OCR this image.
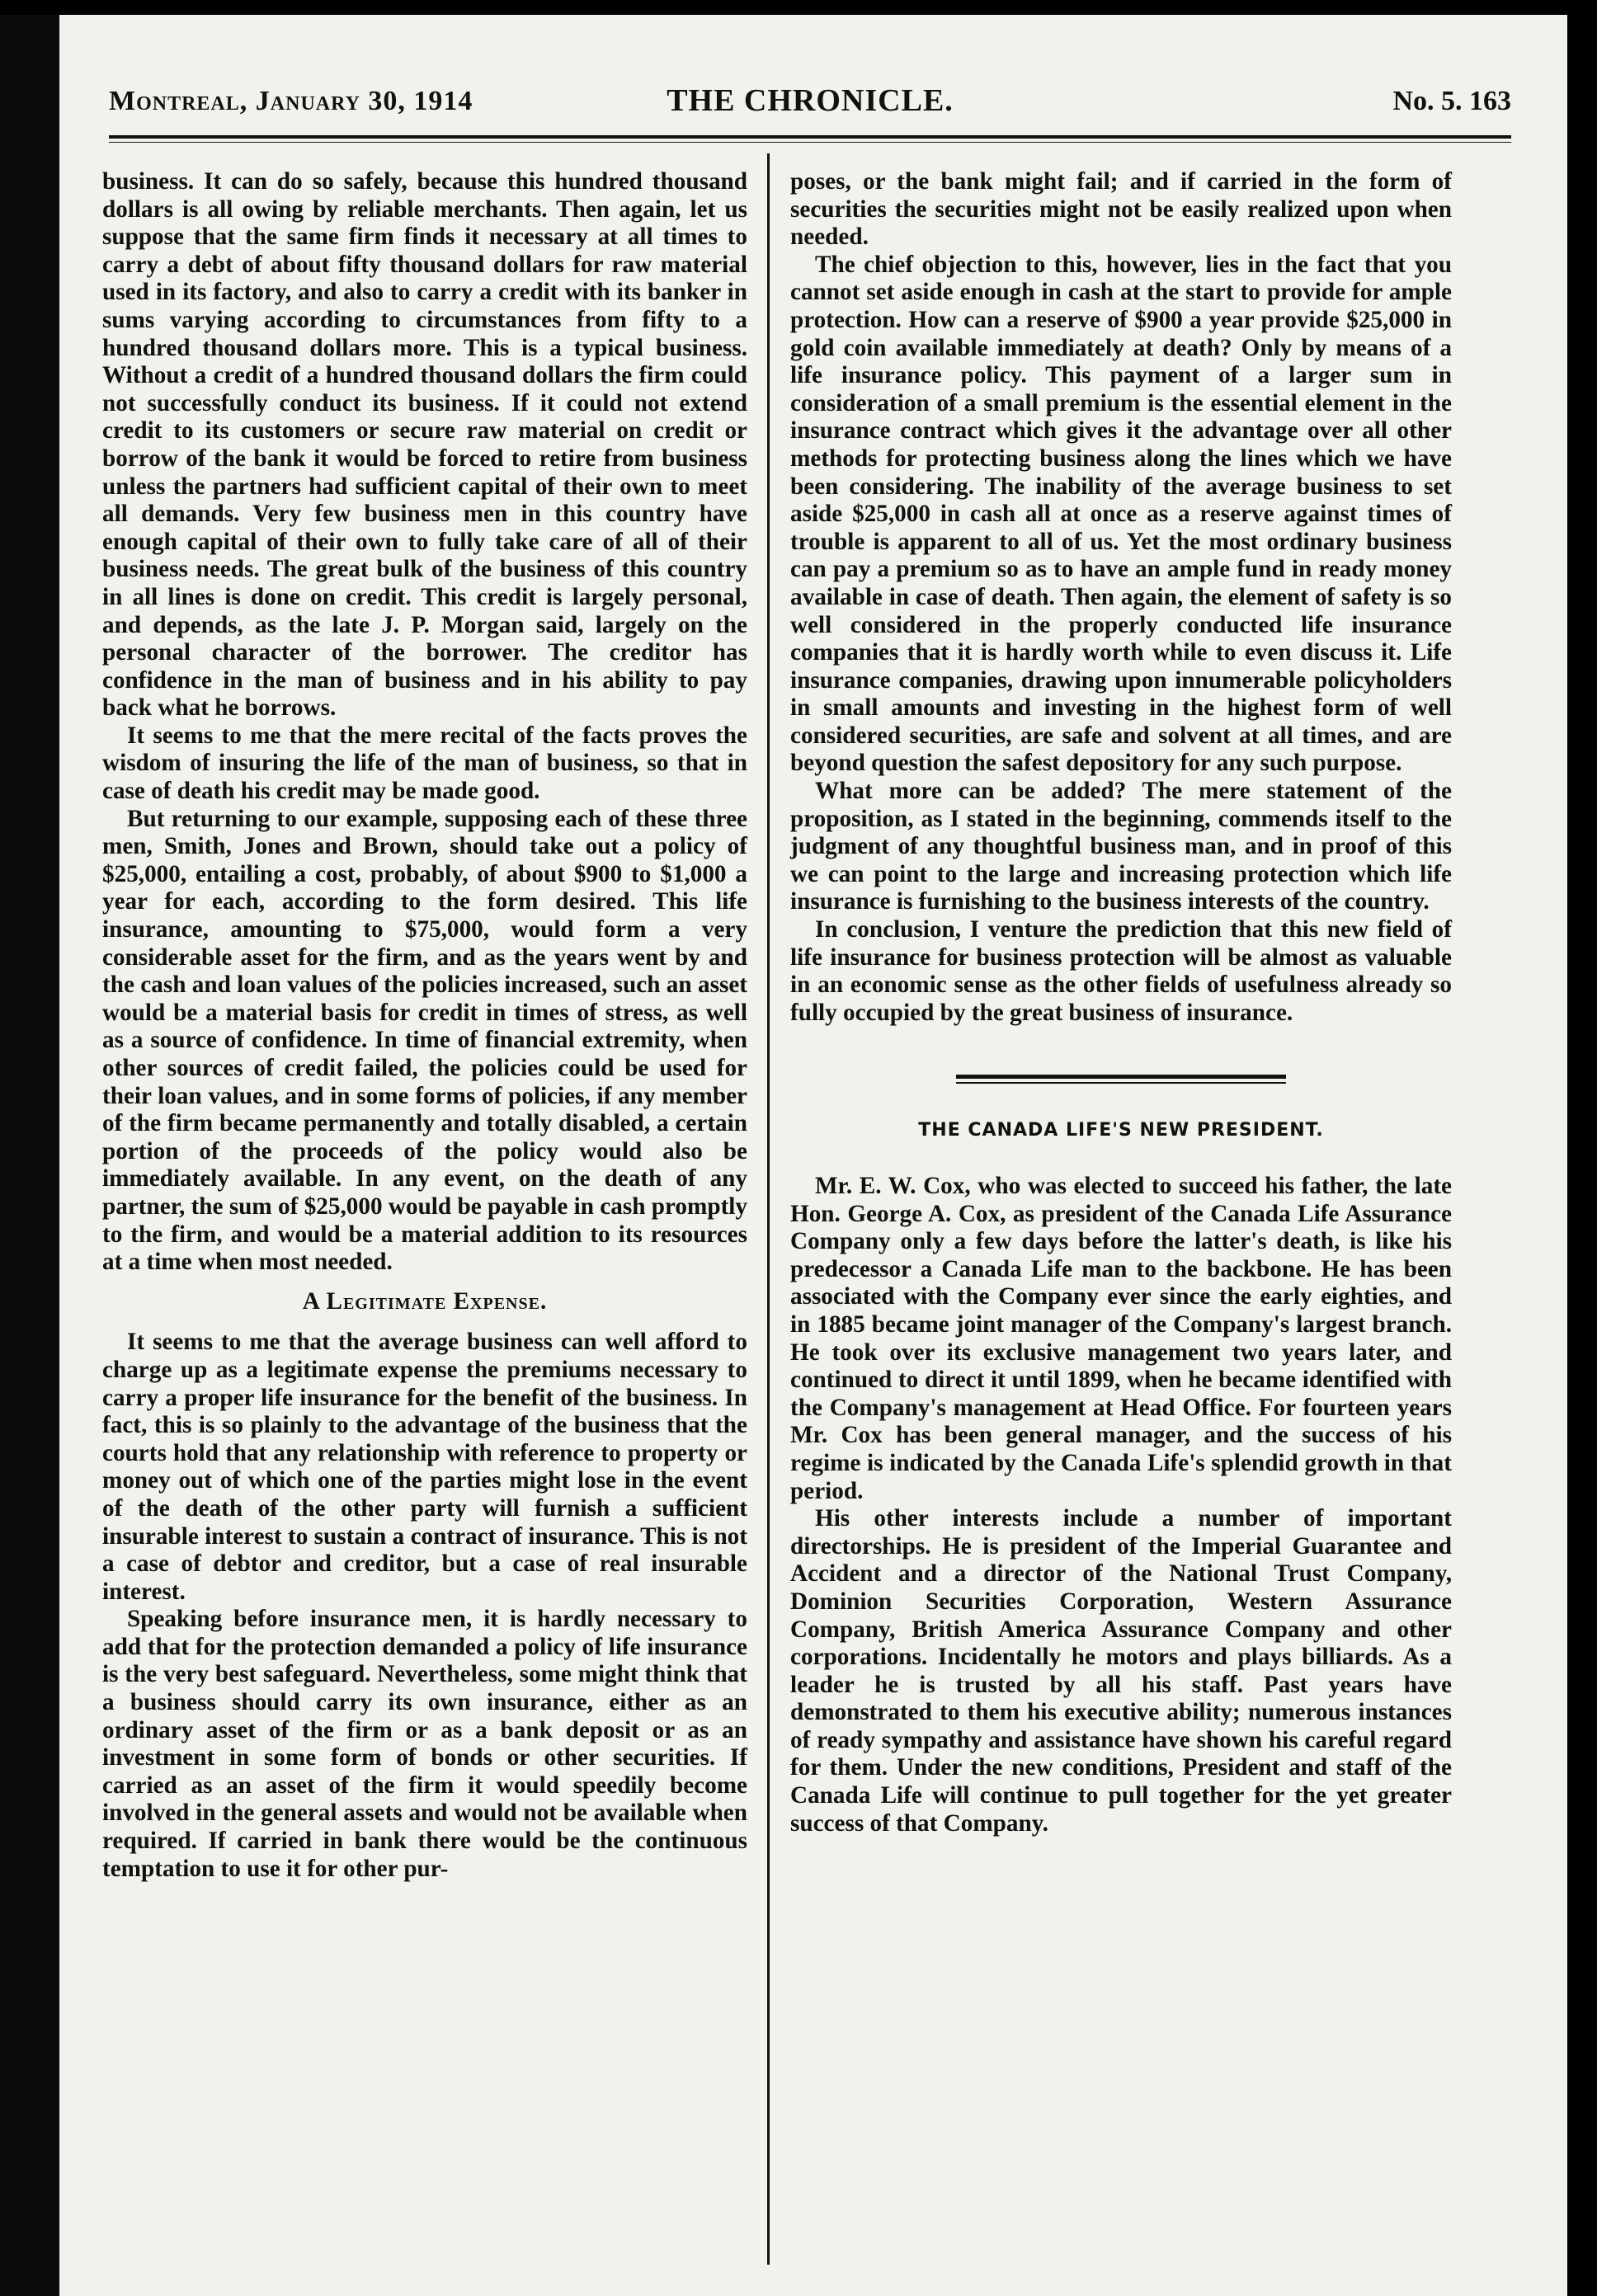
Montreal, January 30, 1914	THE CHRONICLE.	No. 5. 163

business. It can do so safely, because this hundred thousand dollars is all owing by reliable merchants. Then again, let us suppose that the same firm finds it necessary at all times to carry a debt of about fifty thousand dollars for raw material used in its factory, and also to carry a credit with its banker in sums varying according to circumstances from fifty to a hundred thousand dollars more. This is a typical business. Without a credit of a hundred thousand dollars the firm could not successfully conduct its business. If it could not extend credit to its customers or secure raw material on credit or borrow of the bank it would be forced to retire from business unless the partners had sufficient capital of their own to meet all demands. Very few business men in this country have enough capital of their own to fully take care of all of their business needs. The great bulk of the business of this country in all lines is done on credit. This credit is largely personal, and depends, as the late J. P. Morgan said, largely on the personal character of the borrower. The creditor has confidence in the man of business and in his ability to pay back what he borrows.

It seems to me that the mere recital of the facts proves the wisdom of insuring the life of the man of business, so that in case of death his credit may be made good.

But returning to our example, supposing each of these three men, Smith, Jones and Brown, should take out a policy of $25,000, entailing a cost, probably, of about $900 to $1,000 a year for each, according to the form desired. This life insurance, amounting to $75,000, would form a very considerable asset for the firm, and as the years went by and the cash and loan values of the policies increased, such an asset would be a material basis for credit in times of stress, as well as a source of confidence. In time of financial extremity, when other sources of credit failed, the policies could be used for their loan values, and in some forms of policies, if any member of the firm became permanently and totally disabled, a certain portion of the proceeds of the policy would also be immediately available. In any event, on the death of any partner, the sum of $25,000 would be payable in cash promptly to the firm, and would be a material addition to its resources at a time when most needed.

A Legitimate Expense.

It seems to me that the average business can well afford to charge up as a legitimate expense the premiums necessary to carry a proper life insurance for the benefit of the business. In fact, this is so plainly to the advantage of the business that the courts hold that any relationship with reference to property or money out of which one of the parties might lose in the event of the death of the other party will furnish a sufficient insurable interest to sustain a contract of insurance. This is not a case of debtor and creditor, but a case of real insurable interest.

Speaking before insurance men, it is hardly necessary to add that for the protection demanded a policy of life insurance is the very best safeguard. Nevertheless, some might think that a business should carry its own insurance, either as an ordinary asset of the firm or as a bank deposit or as an investment in some form of bonds or other securities. If carried as an asset of the firm it would speedily become involved in the general assets and would not be available when required. If carried in bank there would be the continuous temptation to use it for other pur-

poses, or the bank might fail; and if carried in the form of securities the securities might not be easily realized upon when needed.

The chief objection to this, however, lies in the fact that you cannot set aside enough in cash at the start to provide for ample protection. How can a reserve of $900 a year provide $25,000 in gold coin available immediately at death? Only by means of a life insurance policy. This payment of a larger sum in consideration of a small premium is the essential element in the insurance contract which gives it the advantage over all other methods for protecting business along the lines which we have been considering. The inability of the average business to set aside $25,000 in cash all at once as a reserve against times of trouble is apparent to all of us. Yet the most ordinary business can pay a premium so as to have an ample fund in ready money available in case of death. Then again, the element of safety is so well considered in the properly conducted life insurance companies that it is hardly worth while to even discuss it. Life insurance companies, drawing upon innumerable policyholders in small amounts and investing in the highest form of well considered securities, are safe and solvent at all times, and are beyond question the safest depository for any such purpose.

What more can be added? The mere statement of the proposition, as I stated in the beginning, commends itself to the judgment of any thoughtful business man, and in proof of this we can point to the large and increasing protection which life insurance is furnishing to the business interests of the country.

In conclusion, I venture the prediction that this new field of life insurance for business protection will be almost as valuable in an economic sense as the other fields of usefulness already so fully occupied by the great business of insurance.

THE CANADA LIFE'S NEW PRESIDENT.

Mr. E. W. Cox, who was elected to succeed his father, the late Hon. George A. Cox, as president of the Canada Life Assurance Company only a few days before the latter's death, is like his predecessor a Canada Life man to the backbone. He has been associated with the Company ever since the early eighties, and in 1885 became joint manager of the Company's largest branch. He took over its exclusive management two years later, and continued to direct it until 1899, when he became identified with the Company's management at Head Office. For fourteen years Mr. Cox has been general manager, and the success of his regime is indicated by the Canada Life's splendid growth in that period.

His other interests include a number of important directorships. He is president of the Imperial Guarantee and Accident and a director of the National Trust Company, Dominion Securities Corporation, Western Assurance Company, British America Assurance Company and other corporations. Incidentally he motors and plays billiards. As a leader he is trusted by all his staff. Past years have demonstrated to them his executive ability; numerous instances of ready sympathy and assistance have shown his careful regard for them. Under the new conditions, President and staff of the Canada Life will continue to pull together for the yet greater success of that Company.
